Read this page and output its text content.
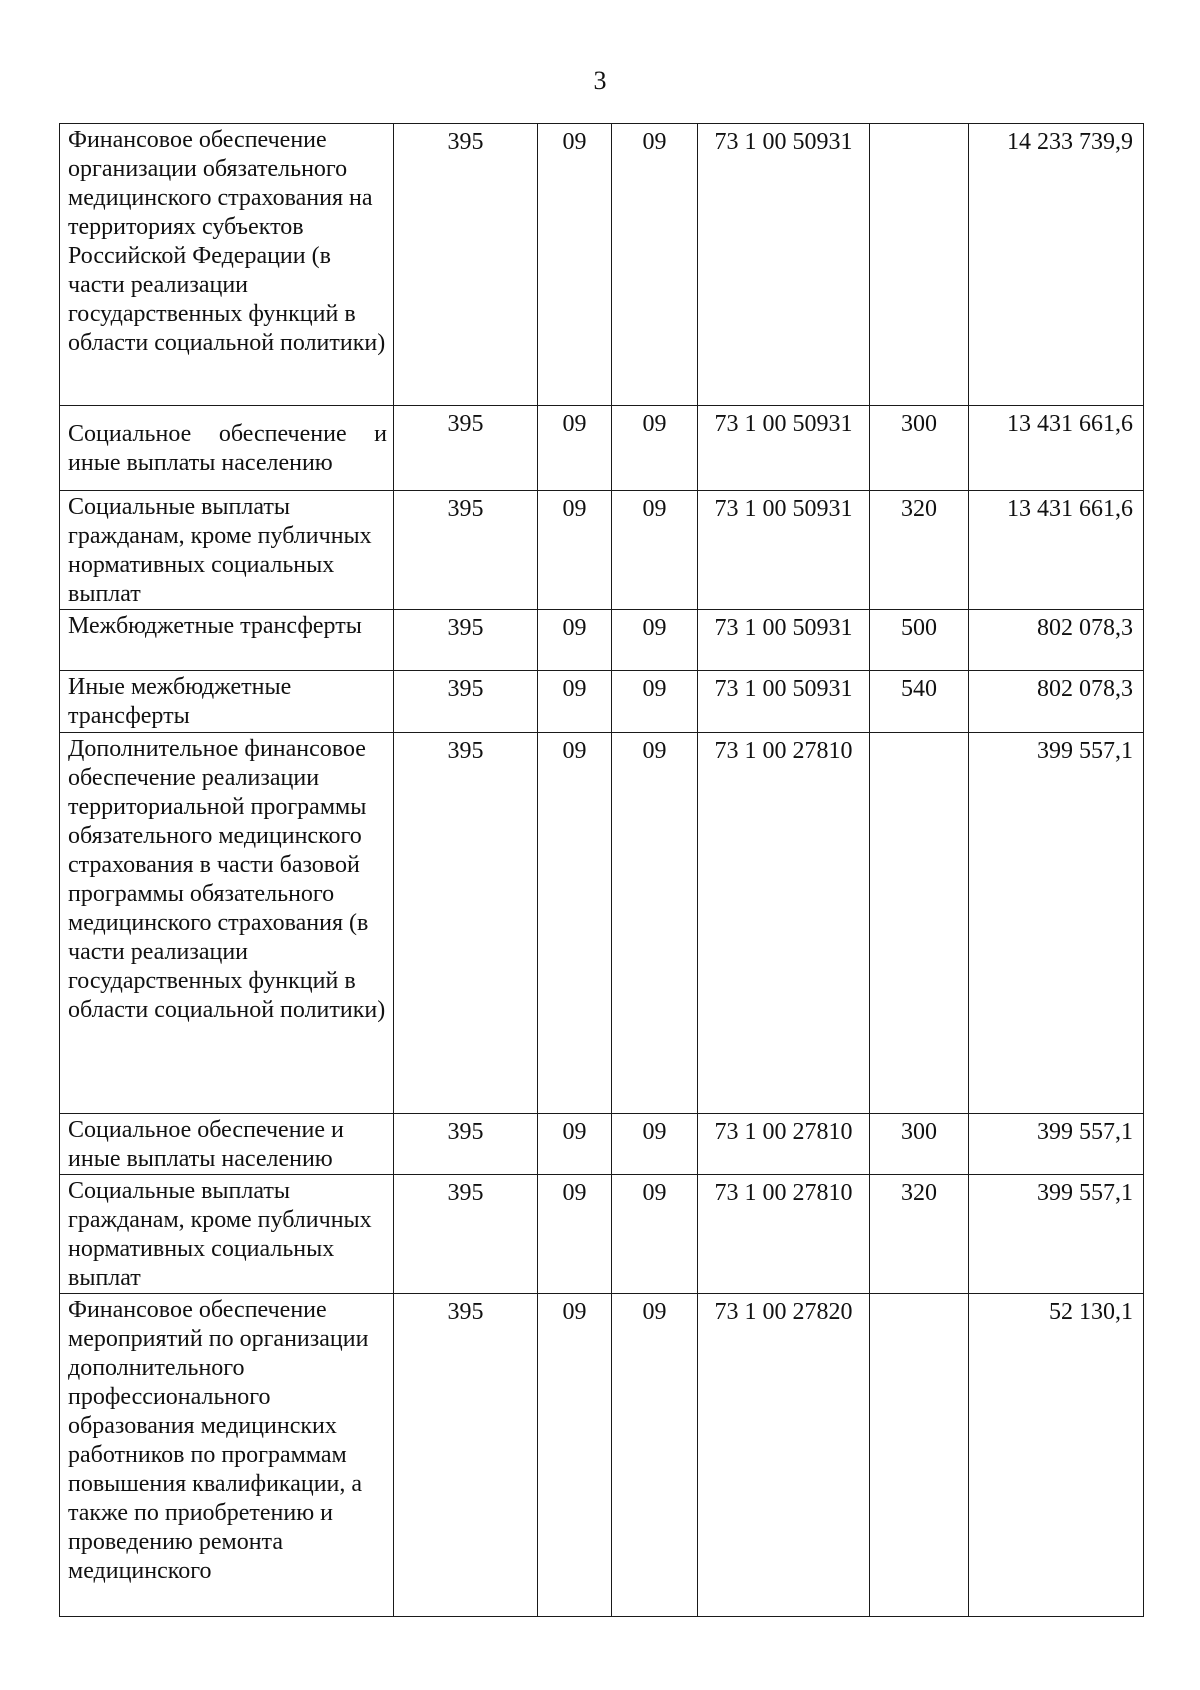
3
Финансовое обеспечение организации обязательного медицинского страхования на территориях субъектов Российской Федерации (в части реализации государственных функций в области социальной политики)	395	09	09	73 1 00 50931		14 233 739,9
Социальное обеспечение и иные выплаты населению	395	09	09	73 1 00 50931	300	13 431 661,6
Социальные выплаты гражданам, кроме публичных нормативных социальных выплат	395	09	09	73 1 00 50931	320	13 431 661,6
Межбюджетные трансферты	395	09	09	73 1 00 50931	500	802 078,3
Иные межбюджетные трансферты	395	09	09	73 1 00 50931	540	802 078,3
Дополнительное финансовое обеспечение реализации территориальной программы обязательного медицинского страхования в части базовой программы обязательного медицинского страхования (в части реализации государственных функций в области социальной политики)	395	09	09	73 1 00 27810		399 557,1
Социальное обеспечение и иные выплаты населению	395	09	09	73 1 00 27810	300	399 557,1
Социальные выплаты гражданам, кроме публичных нормативных социальных выплат	395	09	09	73 1 00 27810	320	399 557,1
Финансовое обеспечение мероприятий по организации дополнительного профессионального образования медицинских работников по программам повышения квалификации, а также по приобретению и проведению ремонта медицинского	395	09	09	73 1 00 27820		52 130,1
